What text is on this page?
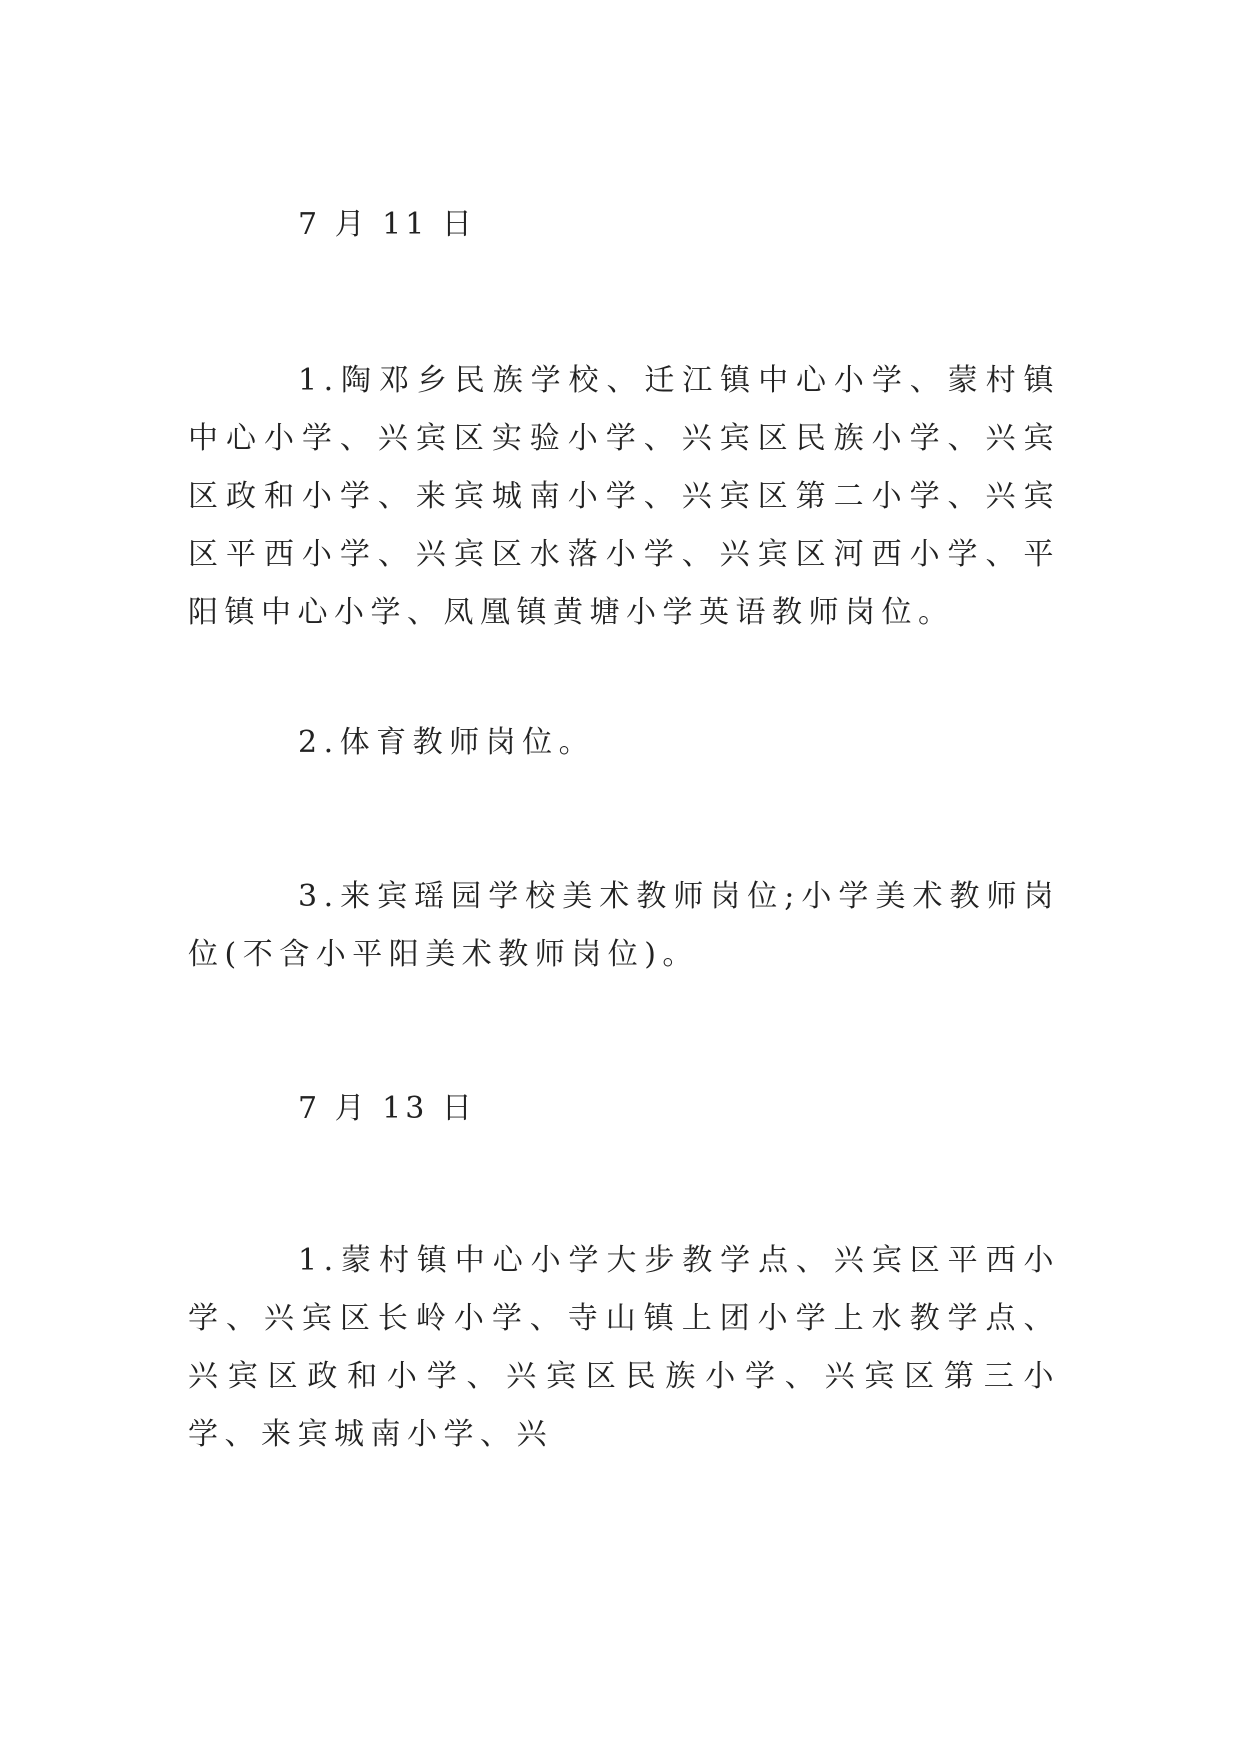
7 月 11 日

1.陶邓乡民族学校、迁江镇中心小学、蒙村镇中心小学、兴宾区实验小学、兴宾区民族小学、兴宾区政和小学、来宾城南小学、兴宾区第二小学、兴宾区平西小学、兴宾区水落小学、兴宾区河西小学、平阳镇中心小学、凤凰镇黄塘小学英语教师岗位。

2.体育教师岗位。

3.来宾瑶园学校美术教师岗位;小学美术教师岗位(不含小平阳美术教师岗位)。

7 月 13 日

1.蒙村镇中心小学大步教学点、兴宾区平西小学、兴宾区长岭小学、寺山镇上团小学上水教学点、兴宾区政和小学、兴宾区民族小学、兴宾区第三小学、来宾城南小学、兴
